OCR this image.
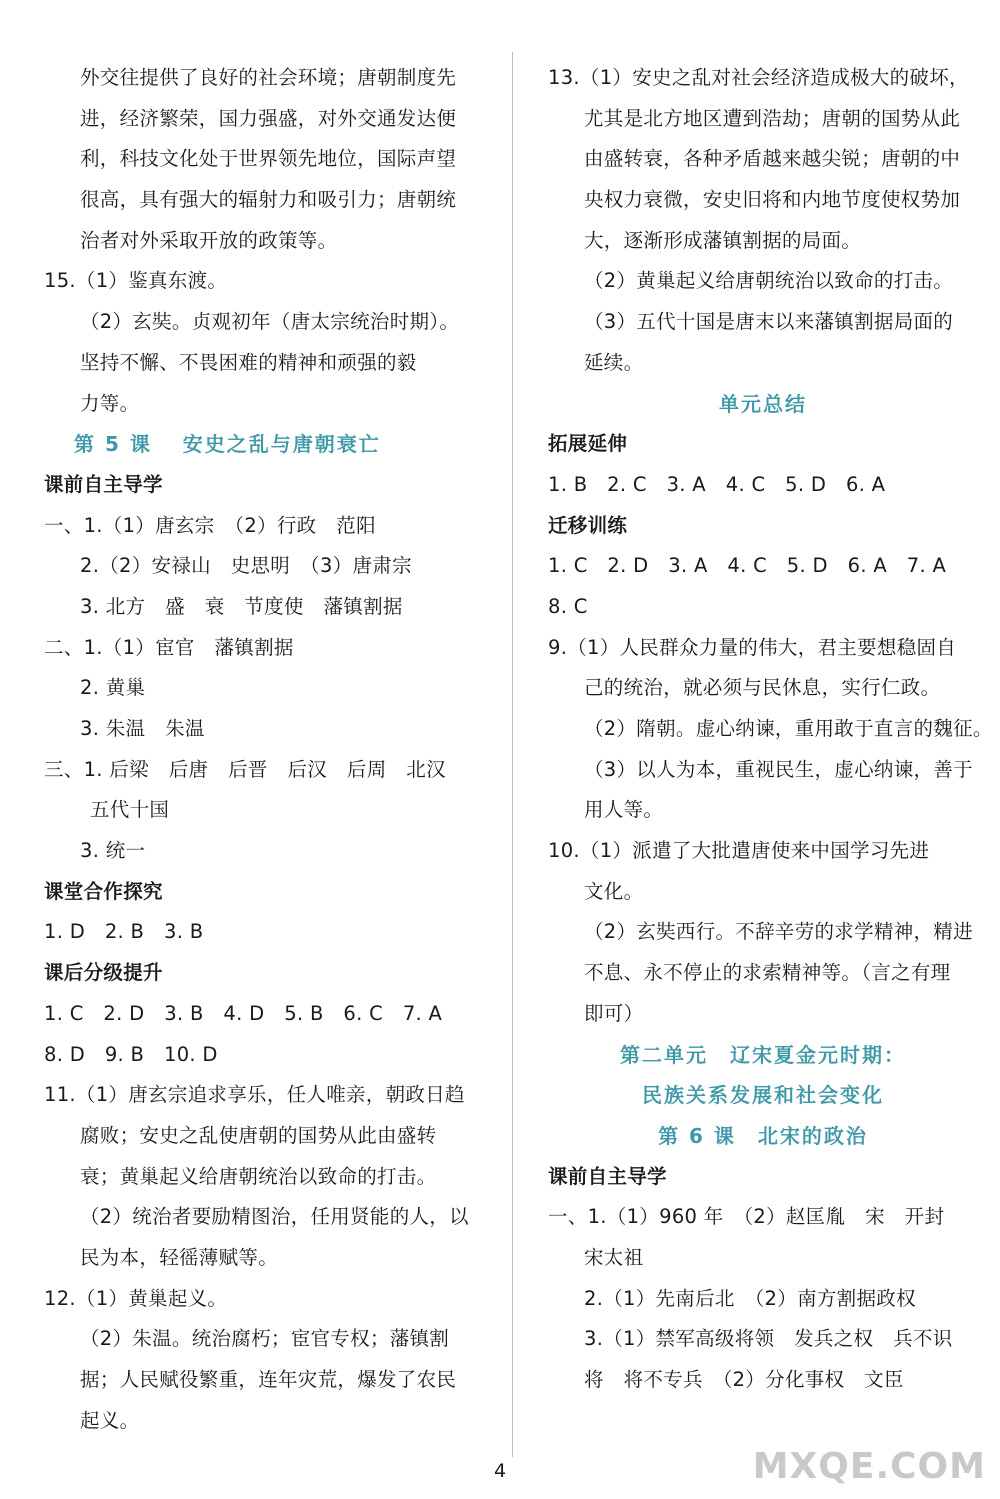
外交往提供了良好的社会环境；唐朝制度先
进，经济繁荣，国力强盛，对外交通发达便
利，科技文化处于世界领先地位，国际声望
很高，具有强大的辐射力和吸引力；唐朝统
治者对外采取开放的政策等。
15.（1）鉴真东渡。
（2）玄奘。贞观初年（唐太宗统治时期）。
坚持不懈、不畏困难的精神和顽强的毅
力等。
第 5 课　 安史之乱与唐朝衰亡
课前自主导学
一、1.（1）唐玄宗　（2）行政　范阳
2.（2）安禄山　史思明　（3）唐肃宗
3. 北方　盛　衰　节度使　藩镇割据
二、1.（1）宦官　藩镇割据
2. 黄巢
3. 朱温　朱温
三、1. 后梁　后唐　后晋　后汉　后周　北汉
五代十国
3. 统一
课堂合作探究
1. D　2. B　3. B
课后分级提升
1. C　2. D　3. B　4. D　5. B　6. C　7. A
8. D　9. B　10. D
11.（1）唐玄宗追求享乐，任人唯亲，朝政日趋
腐败；安史之乱使唐朝的国势从此由盛转
衰；黄巢起义给唐朝统治以致命的打击。
（2）统治者要励精图治，任用贤能的人，以
民为本，轻徭薄赋等。
12.（1）黄巢起义。
（2）朱温。统治腐朽；宦官专权；藩镇割
据；人民赋役繁重，连年灾荒，爆发了农民
起义。
13.（1）安史之乱对社会经济造成极大的破坏，
尤其是北方地区遭到浩劫；唐朝的国势从此
由盛转衰，各种矛盾越来越尖锐；唐朝的中
央权力衰微，安史旧将和内地节度使权势加
大，逐渐形成藩镇割据的局面。
（2）黄巢起义给唐朝统治以致命的打击。
（3）五代十国是唐末以来藩镇割据局面的
延续。
单元总结
拓展延伸
1. B　2. C　3. A　4. C　5. D　6. A
迁移训练
1. C　2. D　3. A　4. C　5. D　6. A　7. A
8. C
9.（1）人民群众力量的伟大，君主要想稳固自
己的统治，就必须与民休息，实行仁政。
（2）隋朝。虚心纳谏，重用敢于直言的魏征。
（3）以人为本，重视民生，虚心纳谏，善于
用人等。
10.（1）派遣了大批遣唐使来中国学习先进
文化。
（2）玄奘西行。不辞辛劳的求学精神，精进
不息、永不停止的求索精神等。（言之有理
即可）
第二单元　辽宋夏金元时期：
民族关系发展和社会变化
第 6 课　北宋的政治
课前自主导学
一、1.（1）960 年　（2）赵匡胤　宋　开封
宋太祖
2.（1）先南后北　（2）南方割据政权
3.（1）禁军高级将领　发兵之权　兵不识
将　将不专兵　（2）分化事权　文臣
4	MXQE.COM
